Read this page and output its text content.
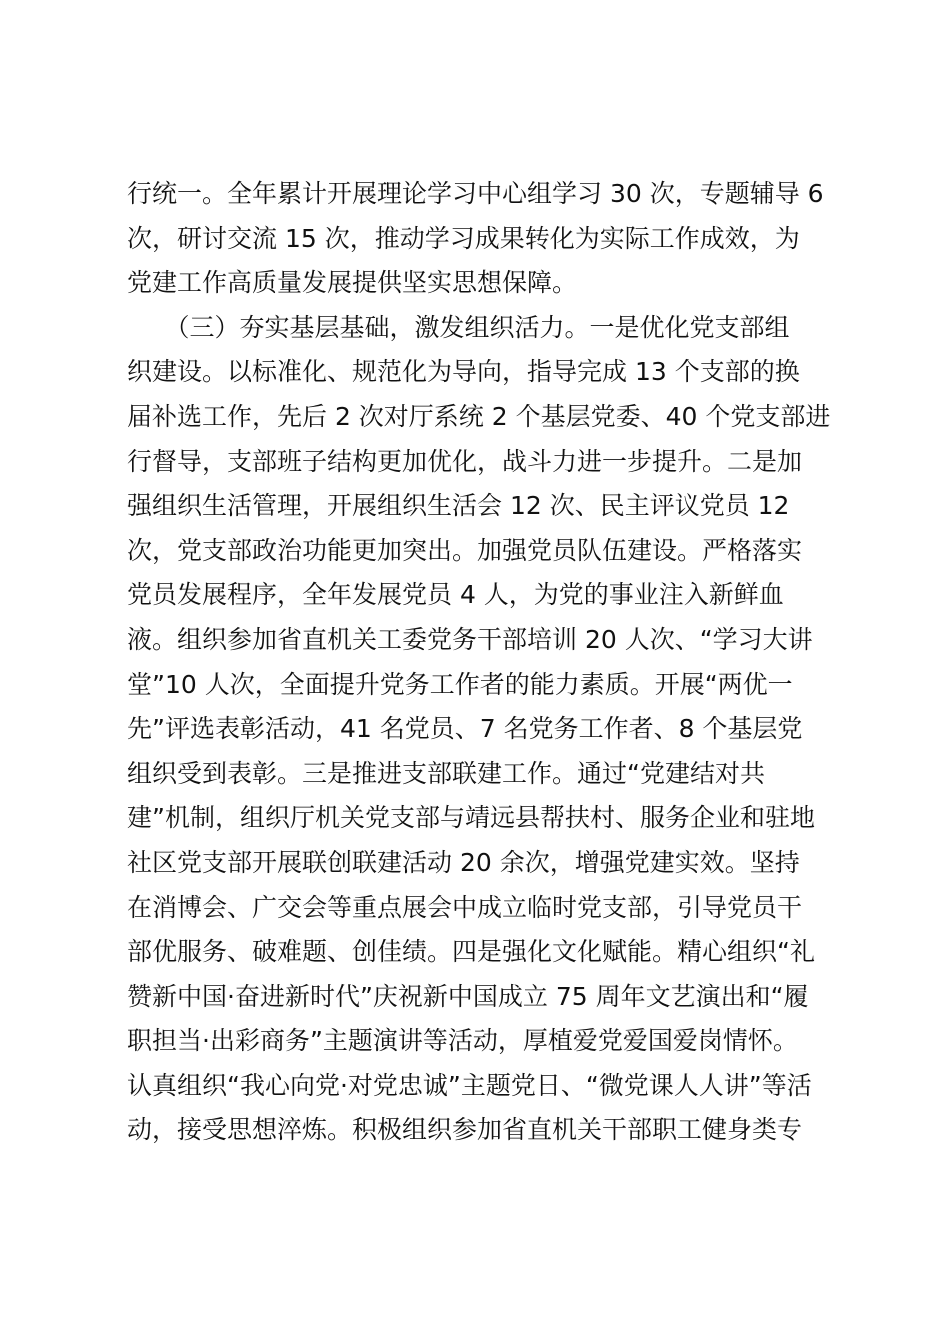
行统一。全年累计开展理论学习中心组学习 30 次，专题辅导 6
次，研讨交流 15 次，推动学习成果转化为实际工作成效，为
党建工作高质量发展提供坚实思想保障。
　　（三）夯实基层基础，激发组织活力。一是优化党支部组
织建设。以标准化、规范化为导向，指导完成 13 个支部的换
届补选工作，先后 2 次对厅系统 2 个基层党委、40 个党支部进
行督导，支部班子结构更加优化，战斗力进一步提升。二是加
强组织生活管理，开展组织生活会 12 次、民主评议党员 12
次，党支部政治功能更加突出。加强党员队伍建设。严格落实
党员发展程序，全年发展党员 4 人，为党的事业注入新鲜血
液。组织参加省直机关工委党务干部培训 20 人次、“学习大讲
堂”10 人次，全面提升党务工作者的能力素质。开展“两优一
先”评选表彰活动，41 名党员、7 名党务工作者、8 个基层党
组织受到表彰。三是推进支部联建工作。通过“党建结对共
建”机制，组织厅机关党支部与靖远县帮扶村、服务企业和驻地
社区党支部开展联创联建活动 20 余次，增强党建实效。坚持
在消博会、广交会等重点展会中成立临时党支部，引导党员干
部优服务、破难题、创佳绩。四是强化文化赋能。精心组织“礼
赞新中国·奋进新时代”庆祝新中国成立 75 周年文艺演出和“履
职担当·出彩商务”主题演讲等活动，厚植爱党爱国爱岗情怀。
认真组织“我心向党·对党忠诚”主题党日、“微党课人人讲”等活
动，接受思想淬炼。积极组织参加省直机关干部职工健身类专
